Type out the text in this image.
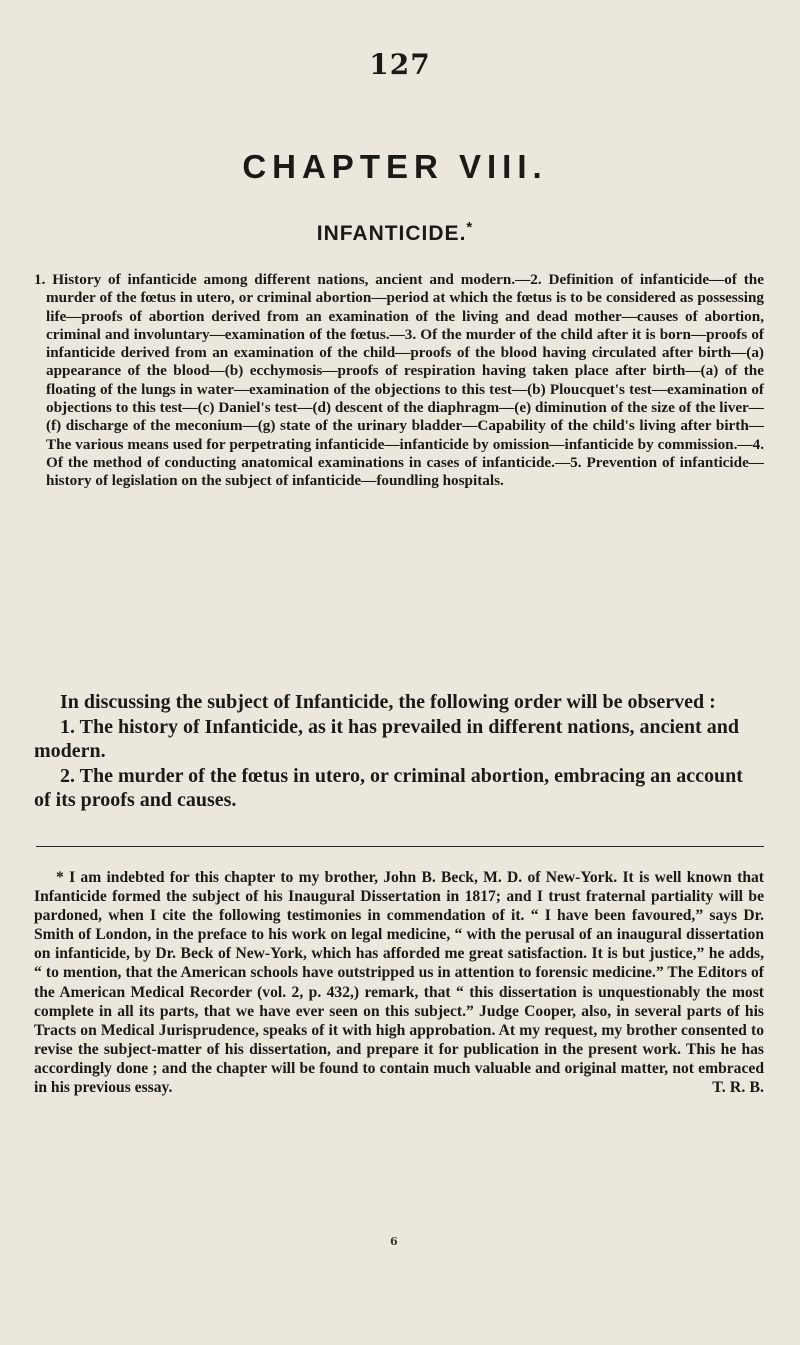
127
CHAPTER VIII.
INFANTICIDE.*
1. History of infanticide among different nations, ancient and modern.—2. Definition of infanticide—of the murder of the fœtus in utero, or criminal abortion—period at which the fœtus is to be considered as possessing life—proofs of abortion derived from an examination of the living and dead mother—causes of abortion, criminal and involuntary—examination of the fœtus.—3. Of the murder of the child after it is born—proofs of infanticide derived from an examination of the child—proofs of the blood having circulated after birth—(a) appearance of the blood—(b) ecchymosis—proofs of respiration having taken place after birth—(a) of the floating of the lungs in water—examination of the objections to this test—(b) Ploucquet's test—examination of objections to this test—(c) Daniel's test—(d) descent of the diaphragm—(e) diminution of the size of the liver—(f) discharge of the meconium—(g) state of the urinary bladder—Capability of the child's living after birth—The various means used for perpetrating infanticide—infanticide by omission—infanticide by commission.—4. Of the method of conducting anatomical examinations in cases of infanticide.—5. Prevention of infanticide—history of legislation on the subject of infanticide—foundling hospitals.

In discussing the subject of Infanticide, the following order will be observed :

1. The history of Infanticide, as it has prevailed in different nations, ancient and modern.

2. The murder of the fœtus in utero, or criminal abortion, embracing an account of its proofs and causes.

* I am indebted for this chapter to my brother, John B. Beck, M. D. of New-York. It is well known that Infanticide formed the subject of his Inaugural Dissertation in 1817; and I trust fraternal partiality will be pardoned, when I cite the following testimonies in commendation of it. “ I have been favoured,” says Dr. Smith of London, in the preface to his work on legal medicine, “ with the perusal of an inaugural dissertation on infanticide, by Dr. Beck of New-York, which has afforded me great satisfaction. It is but justice,” he adds, “ to mention, that the American schools have outstripped us in attention to forensic medicine.” The Editors of the American Medical Recorder (vol. 2, p. 432,) remark, that “ this dissertation is unquestionably the most complete in all its parts, that we have ever seen on this subject.” Judge Cooper, also, in several parts of his Tracts on Medical Jurisprudence, speaks of it with high approbation. At my request, my brother consented to revise the subject-matter of his dissertation, and prepare it for publication in the present work. This he has accordingly done ; and the chapter will be found to contain much valuable and original matter, not embraced in his previous essay.	T. R. B.
6
